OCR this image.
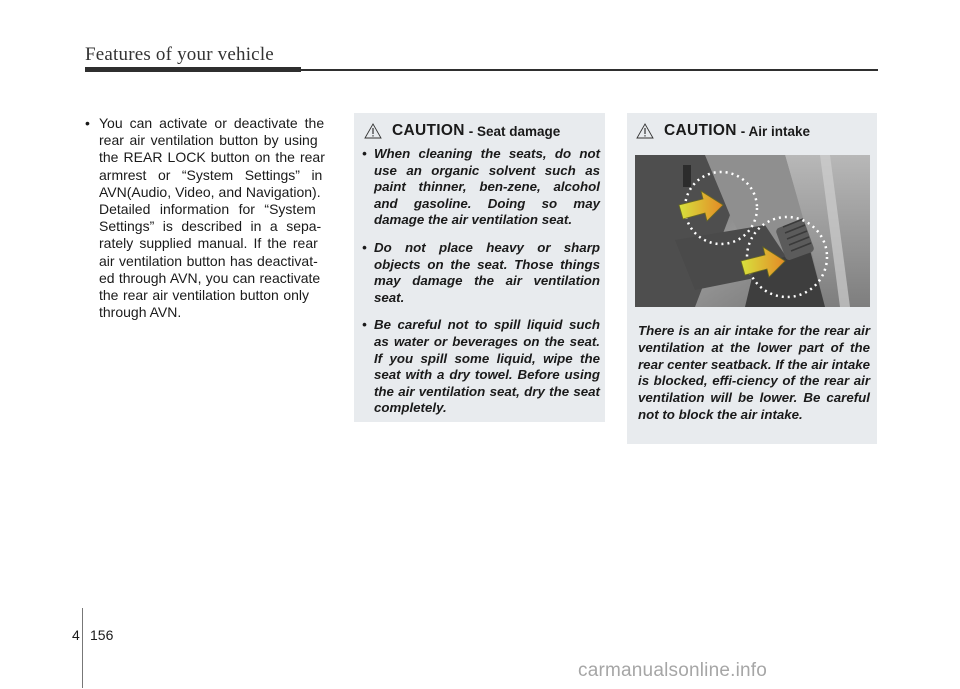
Features of your vehicle
• You can activate or deactivate the
rear air ventilation button by using
the REAR LOCK button on the rear
armrest or “System Settings” in
AVN(Audio, Video, and Navigation).
Detailed information for “System
Settings” is described in a sepa-
rately supplied manual. If the rear
air ventilation button has deactivat-
ed through AVN, you can reactivate
the rear air ventilation button only
through AVN.
CAUTION - Seat damage
• When cleaning the seats, do not use an organic solvent such as paint thinner, ben-zene, alcohol and gasoline. Doing so may damage the air ventilation seat.
• Do not place heavy or sharp objects on the seat. Those things may damage the air ventilation seat.
• Be careful not to spill liquid such as water or beverages on the seat. If you spill some liquid, wipe the seat with a dry towel. Before using the air ventilation seat, dry the seat completely.
CAUTION - Air intake
There is an air intake for the rear air ventilation at the lower part of the rear center seatback. If the air intake is blocked, effi-ciency of the rear air ventilation will be lower. Be careful not to block the air intake.
4 156
carmanualsonline.info
